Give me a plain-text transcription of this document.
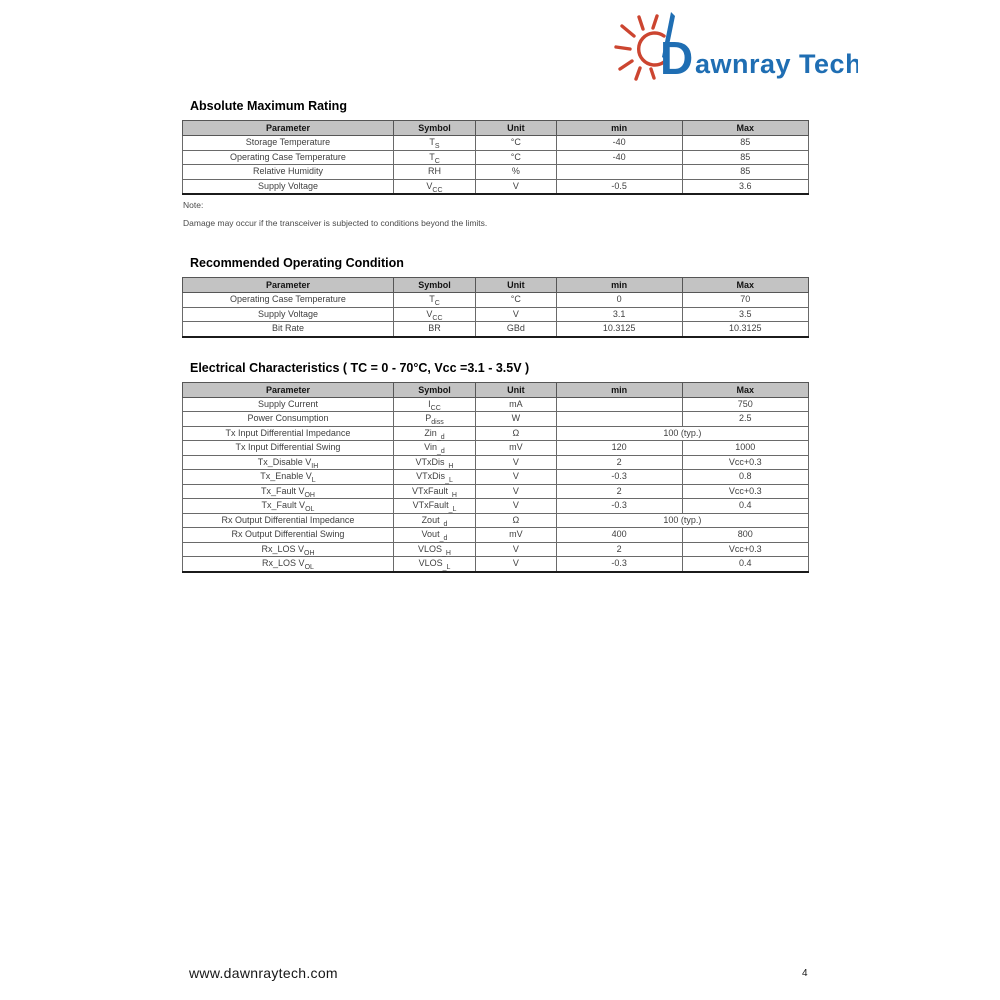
D awnray Tech
Absolute Maximum Rating
Parameter	Symbol	Unit	min	Max
Storage Temperature	$T_S$	°C	-40	85
Operating Case Temperature	$T_C$	°C	-40	85
Relative Humidity	RH	%		85
Supply Voltage	$V_{CC}$	V	-0.5	3.6

Note:

Damage may occur if the transceiver is subjected to conditions beyond the limits.

Recommended Operating Condition
Parameter	Symbol	Unit	min	Max
Operating Case Temperature	$T_C$	°C	0	70
Supply Voltage	$V_{CC}$	V	3.1	3.5
Bit Rate	BR	GBd	10.3125	10.3125
Electrical Characteristics ( TC = 0 - 70°C, Vcc =3.1 - 3.5V )
Parameter	Symbol	Unit	min	Max
Supply Current	$I_{CC}$	mA		750
Power Consumption	$P_{diss}$	W		2.5
Tx Input Differential Impedance	Zin$_{\_d}$	Ω	100 (typ.)	
Tx Input Differential Swing	Vin$_{\_d}$	mV	120	1000
Tx_Disable $V_{IH}$	VTxDis$_{\_H}$	V	2	Vcc+0.3
Tx_Enable $V_L$	VTxDis$_{\_L}$	V	-0.3	0.8
Tx_Fault $V_{OH}$	VTxFault$_{\_H}$	V	2	Vcc+0.3
Tx_Fault $V_{OL}$	VTxFault$_{\_L}$	V	-0.3	0.4
Rx Output Differential Impedance	Zout$_{\_d}$	Ω	100 (typ.)	
Rx Output Differential Swing	Vout$_{\_d}$	mV	400	800
Rx_LOS $V_{OH}$	$VLOS_{\_H}$	V	2	Vcc+0.3
Rx_LOS $V_{OL}$	$VLOS_{\_L}$	V	-0.3	0.4
www.dawnraytech.com	4
